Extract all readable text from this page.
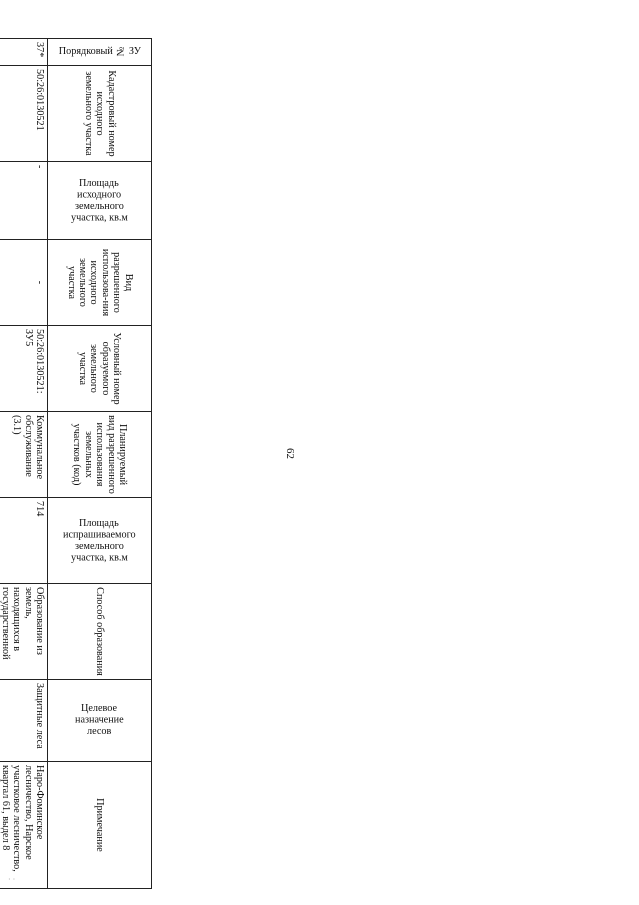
62
· ·
Порядковый № ЗУ	Кадастровый номер исходного земельного участка	Площадь исходного земельного участка, кв.м	Вид разрешенного использова-ния исходного земельного участка	Условный номер образуемого земельного участка	Планируемый вид разрешенного использования земельных участков (код)	Площадь испрашиваемого земельного участка, кв.м	Способ образования	Целевое назначение лесов	Примечание
37*	50:26:0130521	-	-	50:26:0130521: ЗУ5	Коммунальное обслуживание (3.1)	714	Образование из земель, находящихся в государственной	Защитные леса	Наро-Фоминское лесничество, Нарское участковое лесничество, квартал 61, выдел 8
